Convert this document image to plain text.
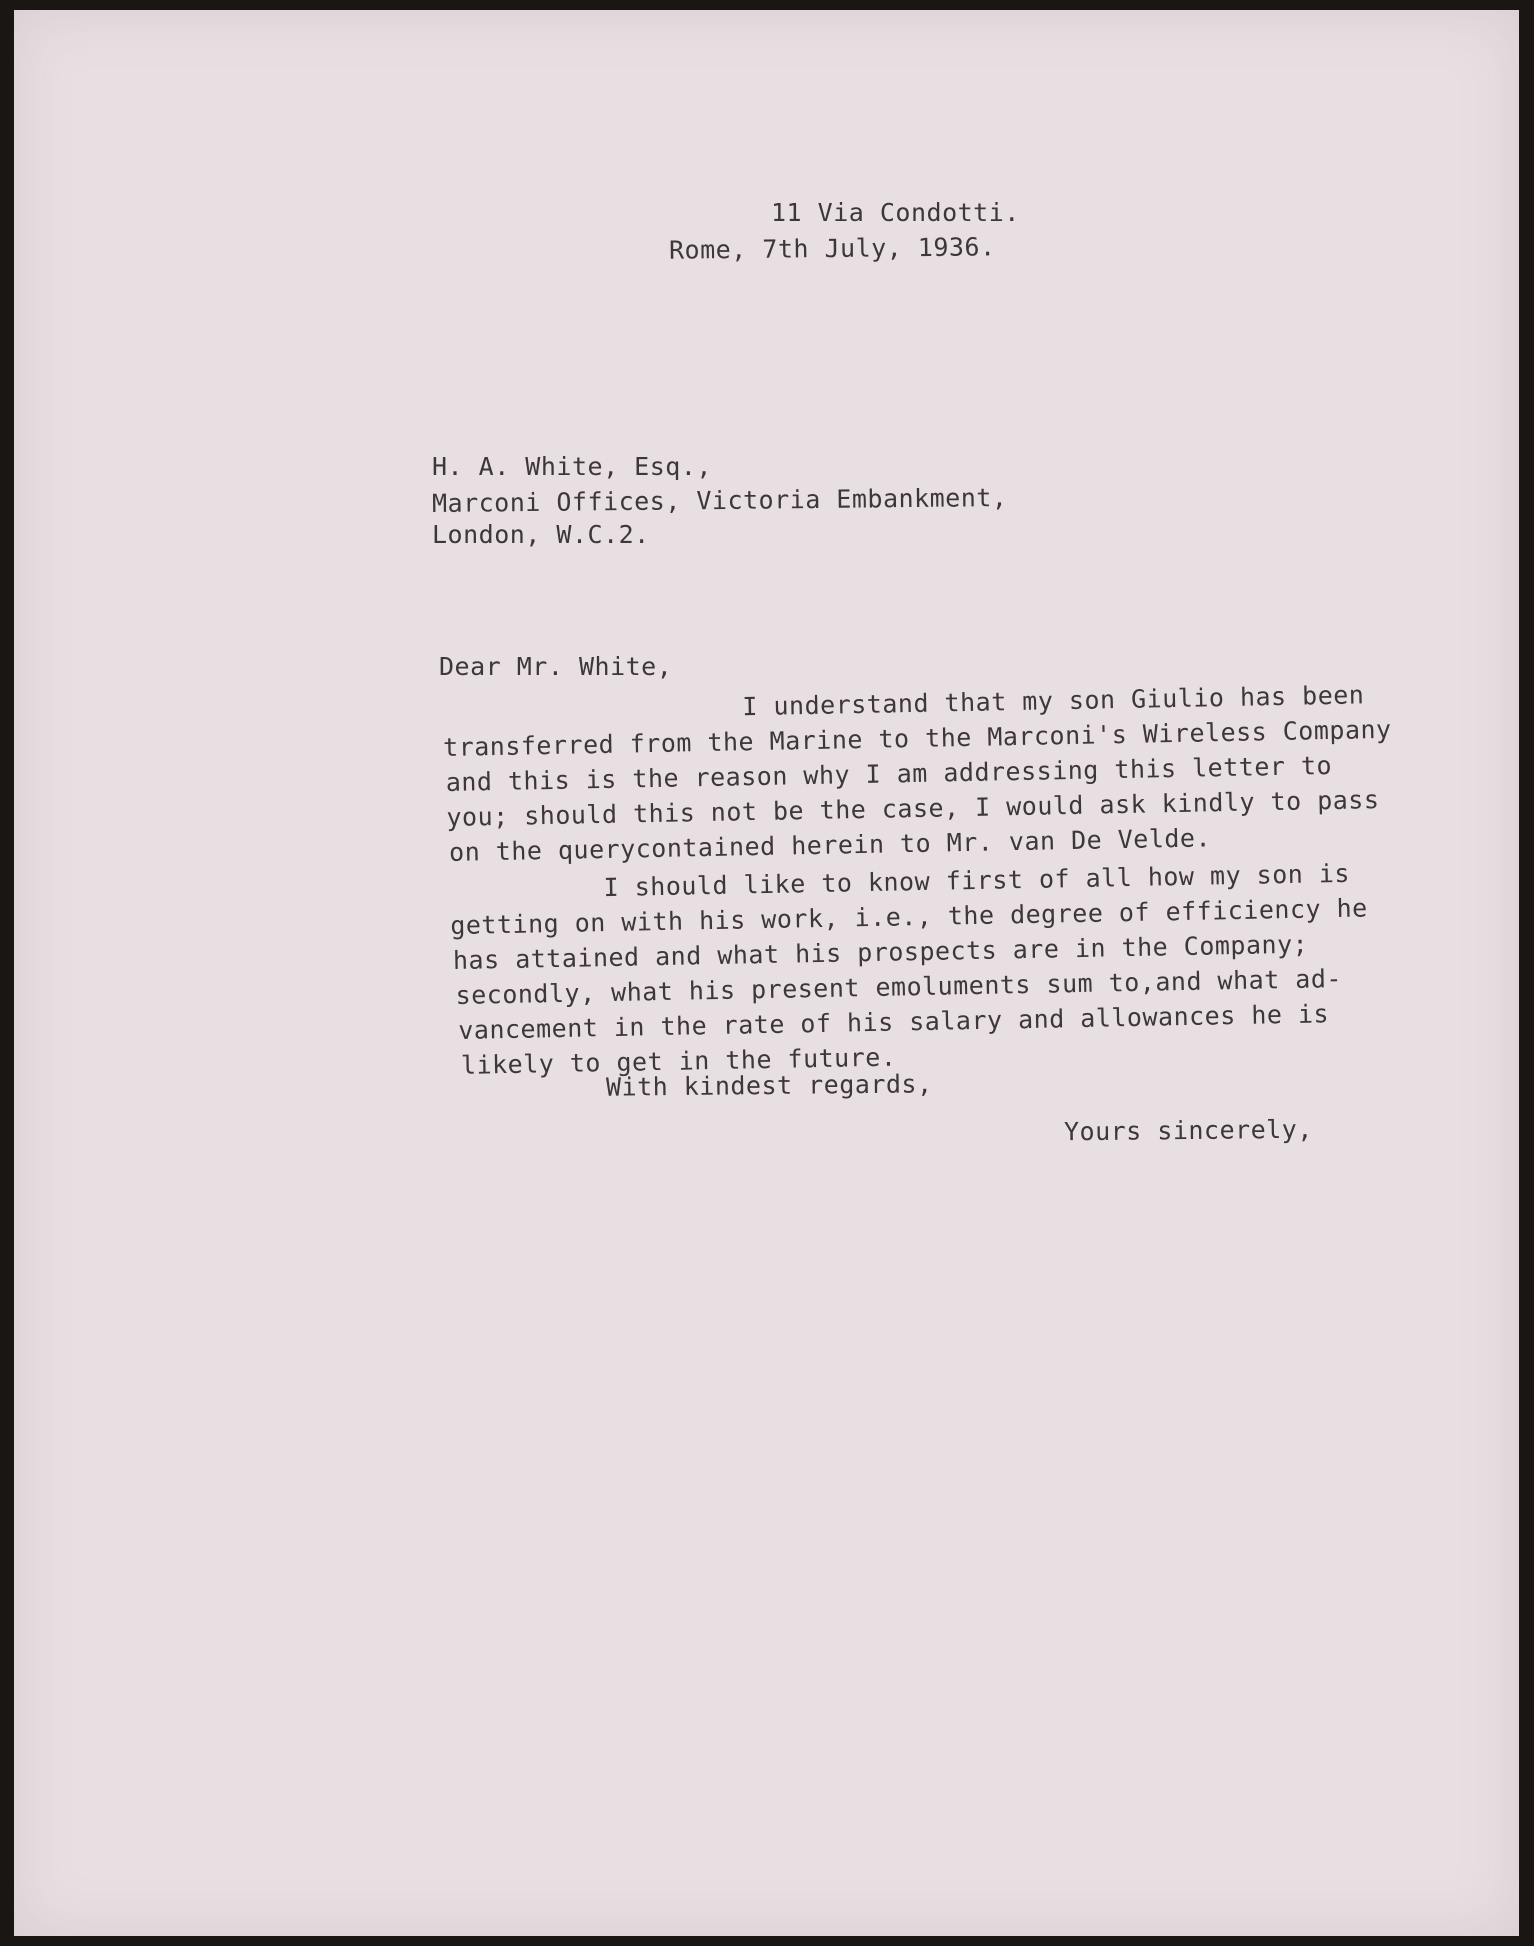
11 Via Condotti.

Rome, 7th July, 1936.

H. A. White, Esq.,

Marconi Offices, Victoria Embankment,

London, W.C.2.

Dear Mr. White,

I understand that my son Giulio has been

transferred from the Marine to the Marconi's Wireless Company

and this is the reason why I am addressing this letter to

you; should this not be the case, I would ask kindly to pass

on the querycontained herein to Mr. van De Velde.

I should like to know first of all how my son is

getting on with his work, i.e., the degree of efficiency he

has attained and what his prospects are in the Company;

secondly, what his present emoluments sum to,and what ad-

vancement in the rate of his salary and allowances he is

likely to get in the future.

With kindest regards,

Yours sincerely,
